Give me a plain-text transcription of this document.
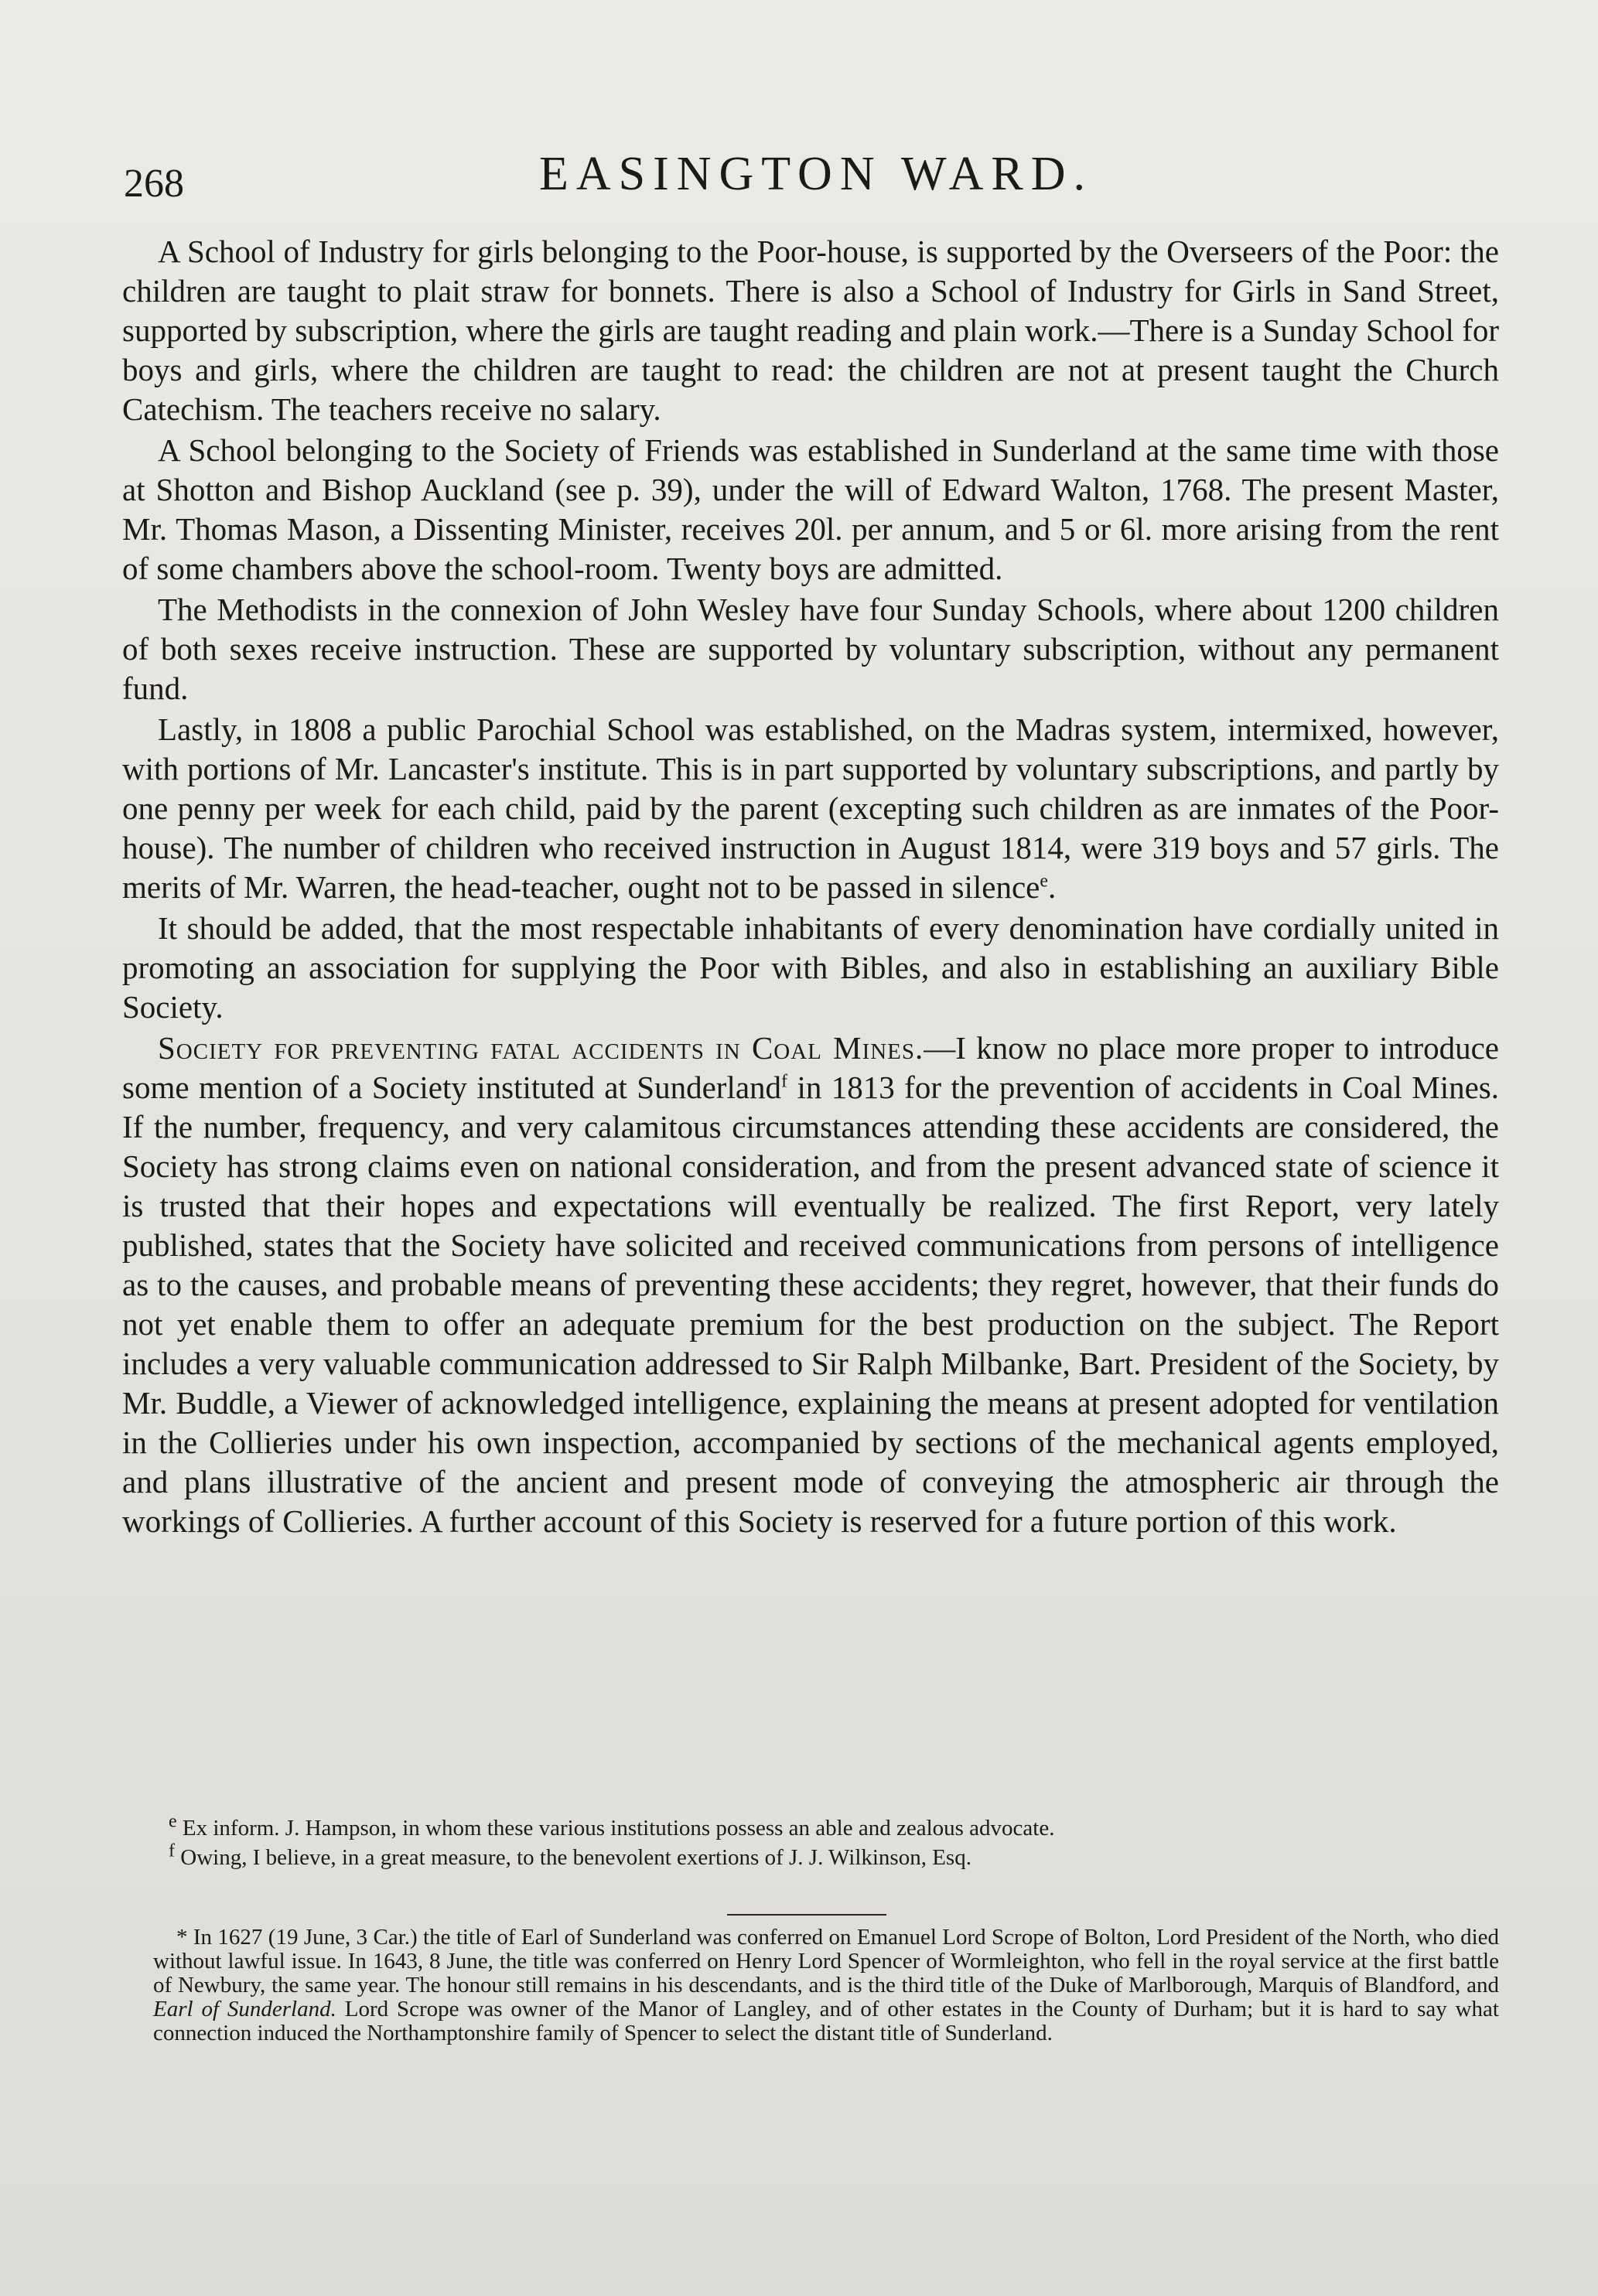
268	EASINGTON WARD.

A School of Industry for girls belonging to the Poor-house, is supported by the Overseers of the Poor: the children are taught to plait straw for bonnets. There is also a School of Industry for Girls in Sand Street, supported by subscription, where the girls are taught reading and plain work.—There is a Sunday School for boys and girls, where the children are taught to read: the children are not at present taught the Church Catechism. The teachers receive no salary.

A School belonging to the Society of Friends was established in Sunderland at the same time with those at Shotton and Bishop Auckland (see p. 39), under the will of Edward Walton, 1768. The present Master, Mr. Thomas Mason, a Dissenting Minister, receives 20l. per annum, and 5 or 6l. more arising from the rent of some chambers above the school-room. Twenty boys are admitted.

The Methodists in the connexion of John Wesley have four Sunday Schools, where about 1200 children of both sexes receive instruction. These are supported by voluntary subscription, without any permanent fund.

Lastly, in 1808 a public Parochial School was established, on the Madras system, intermixed, however, with portions of Mr. Lancaster's institute. This is in part supported by voluntary subscriptions, and partly by one penny per week for each child, paid by the parent (excepting such children as are inmates of the Poor-house). The number of children who received instruction in August 1814, were 319 boys and 57 girls. The merits of Mr. Warren, the head-teacher, ought not to be passed in silence$^e$.

It should be added, that the most respectable inhabitants of every denomination have cordially united in promoting an association for supplying the Poor with Bibles, and also in establishing an auxiliary Bible Society.

Society for preventing fatal accidents in Coal Mines.—I know no place more proper to introduce some mention of a Society instituted at Sunderland$^f$ in 1813 for the prevention of accidents in Coal Mines. If the number, frequency, and very calamitous circumstances attending these accidents are considered, the Society has strong claims even on national consideration, and from the present advanced state of science it is trusted that their hopes and expectations will eventually be realized. The first Report, very lately published, states that the Society have solicited and received communications from persons of intelligence as to the causes, and probable means of preventing these accidents; they regret, however, that their funds do not yet enable them to offer an adequate premium for the best production on the subject. The Report includes a very valuable communication addressed to Sir Ralph Milbanke, Bart. President of the Society, by Mr. Buddle, a Viewer of acknowledged intelligence, explaining the means at present adopted for ventilation in the Collieries under his own inspection, accompanied by sections of the mechanical agents employed, and plans illustrative of the ancient and present mode of conveying the atmospheric air through the workings of Collieries. A further account of this Society is reserved for a future portion of this work.

$^e$ Ex inform. J. Hampson, in whom these various institutions possess an able and zealous advocate.

$^f$ Owing, I believe, in a great measure, to the benevolent exertions of J. J. Wilkinson, Esq.

* In 1627 (19 June, 3 Car.) the title of Earl of Sunderland was conferred on Emanuel Lord Scrope of Bolton, Lord President of the North, who died without lawful issue. In 1643, 8 June, the title was conferred on Henry Lord Spencer of Wormleighton, who fell in the royal service at the first battle of Newbury, the same year. The honour still remains in his descendants, and is the third title of the Duke of Marlborough, Marquis of Blandford, and Earl of Sunderland. Lord Scrope was owner of the Manor of Langley, and of other estates in the County of Durham; but it is hard to say what connection induced the Northamptonshire family of Spencer to select the distant title of Sunderland.
